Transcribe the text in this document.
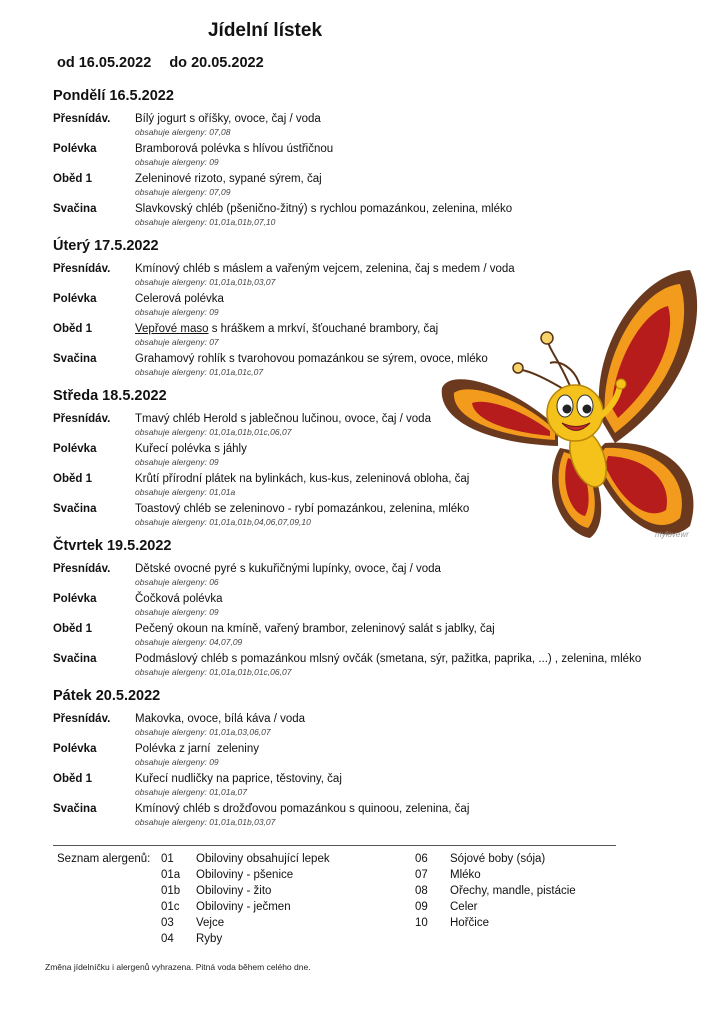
Jídelní lístek
od 16.05.2022 do 20.05.2022
Pondělí 16.5.2022
Přesnídáv. Bílý jogurt s oříšky, ovoce, čaj / voda
obsahuje alergeny: 07,08
Polévka	Bramborová polévka s hlívou ústřičnou
obsahuje alergeny: 09
Oběd 1	Zeleninové rizoto, sypané sýrem, čaj
obsahuje alergeny: 07,09
Svačina	Slavkovský chléb (pšenično-žitný) s rychlou pomazánkou, zelenina, mléko
obsahuje alergeny: 01,01a,01b,07,10
Úterý 17.5.2022
Přesnídáv. Kmínový chléb s máslem a vařeným vejcem, zelenina, čaj s medem / voda
obsahuje alergeny: 01,01a,01b,03,07
Polévka	Celerová polévka
obsahuje alergeny: 09
Oběd 1	Vepřové maso s hráškem a mrkví, šťouchané brambory, čaj
obsahuje alergeny: 07
Svačina	Grahamový rohlík s tvarohovou pomazánkou se sýrem, ovoce, mléko
obsahuje alergeny: 01,01a,01c,07
Středa 18.5.2022
Přesnídáv. Tmavý chléb Herold s jablečnou lučinou, ovoce, čaj / voda
obsahuje alergeny: 01,01a,01b,01c,06,07
Polévka	Kuřecí polévka s jáhly
obsahuje alergeny: 09
Oběd 1	Krůtí přírodní plátek na bylinkách, kus-kus, zeleninová obloha, čaj
obsahuje alergeny: 01,01a
Svačina	Toastový chléb se zeleninovo - rybí pomazánkou, zelenina, mléko
obsahuje alergeny: 01,01a,01b,04,06,07,09,10
Čtvrtek 19.5.2022
Přesnídáv. Dětské ovocné pyré s kukuřičnými lupínky, ovoce, čaj / voda
obsahuje alergeny: 06
Polévka	Čočková polévka
obsahuje alergeny: 09
Oběd 1	Pečený okoun na kmíně, vařený brambor, zeleninový salát s jablky, čaj
obsahuje alergeny: 04,07,09
Svačina	Podmáslový chléb s pomazánkou mlsný ovčák (smetana, sýr, pažitka, paprika, ...) , zelenina, mléko
obsahuje alergeny: 01,01a,01b,01c,06,07
Pátek 20.5.2022
Přesnídáv. Makovka, ovoce, bílá káva / voda
obsahuje alergeny: 01,01a,03,06,07
Polévka	Polévka z jarní  zeleniny
obsahuje alergeny: 09
Oběd 1	Kuřecí nudličky na paprice, těstoviny, čaj
obsahuje alergeny: 01,01a,07
Svačina	Kmínový chléb s drožďovou pomazánkou s quinoou, zelenina, čaj
obsahuje alergeny: 01,01a,01b,03,07
mylovewr
Seznam alergenů: 01 Obiloviny obsahující lepek
01a Obiloviny - pšenice
01b Obiloviny - žito
01c Obiloviny - ječmen
03 Vejce
04 Ryby
06 Sójové boby (sója)
07 Mléko
08 Ořechy, mandle, pistácie
09 Celer
10 Hořčice
Změna jídelníčku i alergenů vyhrazena. Pitná voda během celého dne.
